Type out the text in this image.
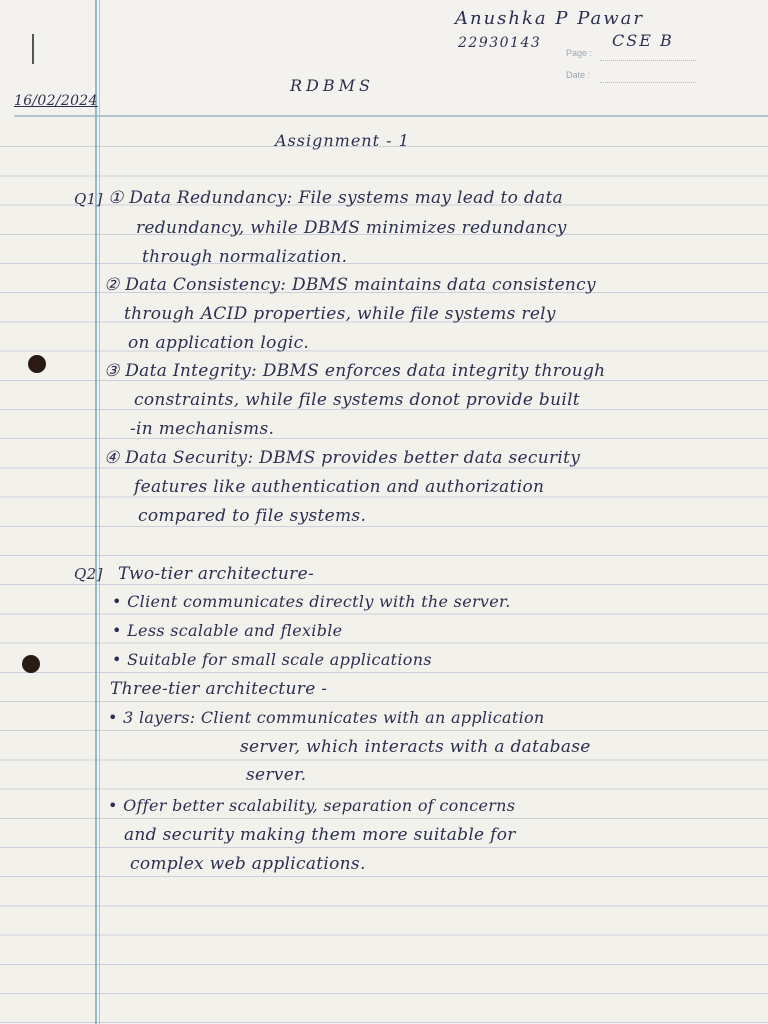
Anushka P Pawar
22930143	CSE B
Page :
Date :
RDBMS
16/02/2024
Assignment - 1
Q1] ① Data Redundancy: File systems may lead to data
redundancy, while DBMS minimizes redundancy
through normalization.
② Data Consistency: DBMS maintains data consistency
through ACID properties, while file systems rely
on application logic.
③ Data Integrity: DBMS enforces data integrity through
constraints, while file systems donot provide built
-in mechanisms.
④ Data Security: DBMS provides better data security
features like authentication and authorization
compared to file systems.
Q2] Two-tier architecture-
• Client communicates directly with the server.
• Less scalable and flexible
• Suitable for small scale applications
Three-tier architecture -
• 3 layers: Client communicates with an application
server, which interacts with a database
server.
• Offer better scalability, separation of concerns
and security making them more suitable for
complex web applications.
